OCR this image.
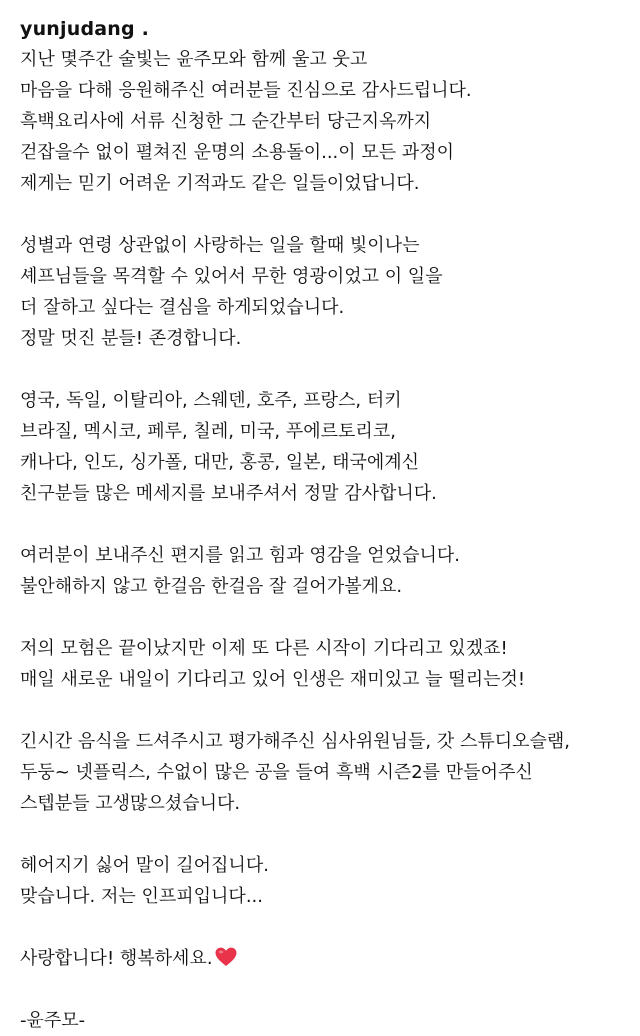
yunjudang .
지난 몇주간 술빛는 윤주모와 함께 울고 웃고
마음을 다해 응원해주신 여러분들 진심으로 감사드립니다.
흑백요리사에 서류 신청한 그 순간부터 당근지옥까지
걷잡을수 없이 펼쳐진 운명의 소용돌이...이 모든 과정이
제게는 믿기 어려운 기적과도 같은 일들이었답니다.
성별과 연령 상관없이 사랑하는 일을 할때 빛이나는
셰프님들을 목격할 수 있어서 무한 영광이었고 이 일을
더 잘하고 싶다는 결심을 하게되었습니다.
정말 멋진 분들! 존경합니다.
영국, 독일, 이탈리아, 스웨덴, 호주, 프랑스, 터키
브라질, 멕시코, 페루, 칠레, 미국, 푸에르토리코,
캐나다, 인도, 싱가폴, 대만, 홍콩, 일본, 태국에계신
친구분들 많은 메세지를 보내주셔서 정말 감사합니다.
여러분이 보내주신 편지를 읽고 힘과 영감을 얻었습니다.
불안해하지 않고 한걸음 한걸음 잘 걸어가볼게요.
저의 모험은 끝이났지만 이제 또 다른 시작이 기다리고 있겠죠!
매일 새로운 내일이 기다리고 있어 인생은 재미있고 늘 떨리는것!
긴시간 음식을 드셔주시고 평가해주신 심사위원님들, 갓 스튜디오슬램,
두둥~ 넷플릭스, 수없이 많은 공을 들여 흑백 시즌2를 만들어주신
스텝분들 고생많으셨습니다.
헤어지기 싫어 말이 길어집니다.
맞습니다. 저는 인프피입니다...
사랑합니다! 행복하세요.
-윤주모-
